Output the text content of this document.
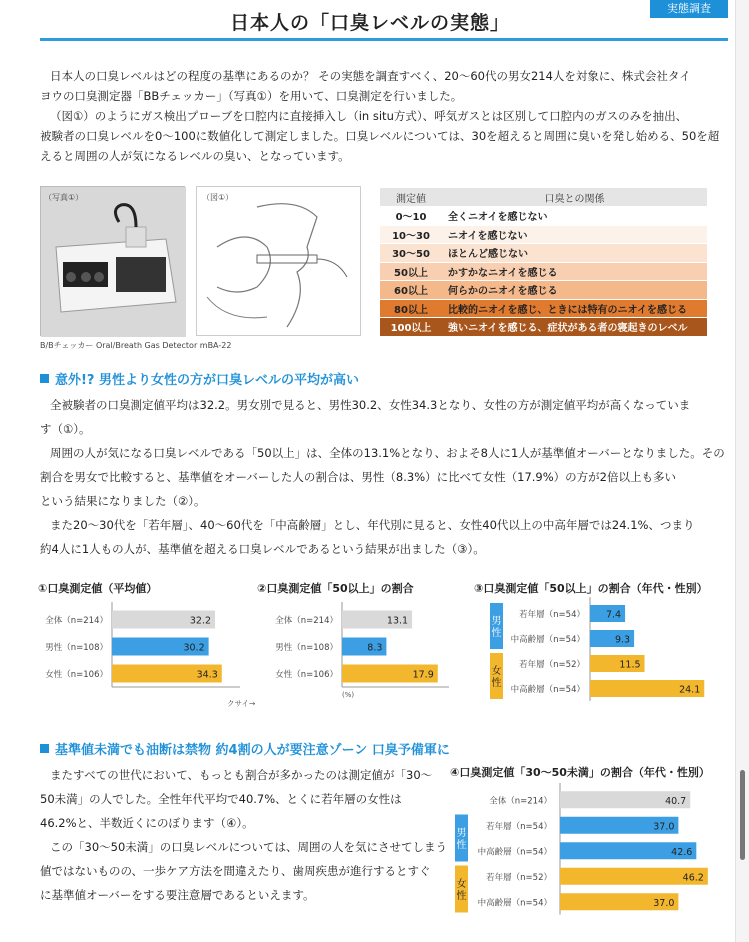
実態調査
日本人の「口臭レベルの実態」
日本人の口臭レベルはどの程度の基準にあるのか？ その実態を調査すべく、20～60代の男女214人を対象に、株式会社タイ
ヨウの口臭測定器「BBチェッカー」（写真①）を用いて、口臭測定を行いました。
（図①）のようにガス検出プローブを口腔内に直接挿入し（in situ方式）、呼気ガスとは区別して口腔内のガスのみを抽出、
被験者の口臭レベルを0～100に数値化して測定しました。口臭レベルについては、30を超えると周囲に臭いを発し始める、50を超
えると周囲の人が気になるレベルの臭い、となっています。
（写真①）
B/Bチェッカー Oral/Breath Gas Detector mBA-22
（図①）	測定値	口臭との関係
0～10	全くニオイを感じない
10～30	ニオイを感じない
30～50	ほとんど感じない
50以上	かすかなニオイを感じる
60以上	何らかのニオイを感じる
80以上	比較的ニオイを感じ、ときには特有のニオイを感じる
100以上	強いニオイを感じる、症状がある者の寝起きのレベル
意外!? 男性より女性の方が口臭レベルの平均が高い
全被験者の口臭測定値平均は32.2。男女別で見ると、男性30.2、女性34.3となり、女性の方が測定値平均が高くなっていま
す（①）。
周囲の人が気になる口臭レベルである「50以上」は、全体の13.1%となり、およそ8人に1人が基準値オーバーとなりました。その
割合を男女で比較すると、基準値をオーバーした人の割合は、男性（8.3%）に比べて女性（17.9%）の方が2倍以上も多い
という結果になりました（②）。
また20～30代を「若年層」、40～60代を「中高齢層」とし、年代別に見ると、女性40代以上の中高年層では24.1%、つまり
約4人に1人もの人が、基準値を超える口臭レベルであるという結果が出ました（③）。
①口臭測定値（平均値）
32.2
全体（n=214）
30.2
男性（n=108）
34.3
女性（n=106）
クサイ→
②口臭測定値「50以上」の割合
13.1
全体（n=214）
8.3
男性（n=108）
17.9
女性（n=106）
(%)
③口臭測定値「50以上」の割合（年代・性別）
7.4
若年層（n=54）
9.3
中高齢層（n=54）
11.5
若年層（n=52）
24.1
中高齢層（n=54）
男
性
女
性
基準値未満でも油断は禁物 約4割の人が要注意ゾーン 口臭予備軍に
またすべての世代において、もっとも割合が多かったのは測定値が「30～
50未満」の人でした。全性年代平均で40.7%、とくに若年層の女性は
46.2%と、半数近くにのぼります（④）。
この「30～50未満」の口臭レベルについては、周囲の人を気にさせてしまう
値ではないものの、一歩ケア方法を間違えたり、歯周疾患が進行するとすぐ
に基準値オーバーをする要注意層であるといえます。
④口臭測定値「30～50未満」の割合（年代・性別）
40.7
全体（n=214）
37.0
若年層（n=54）
42.6
中高齢層（n=54）
46.2
若年層（n=52）
37.0
中高齢層（n=54）
男
性
女
性
